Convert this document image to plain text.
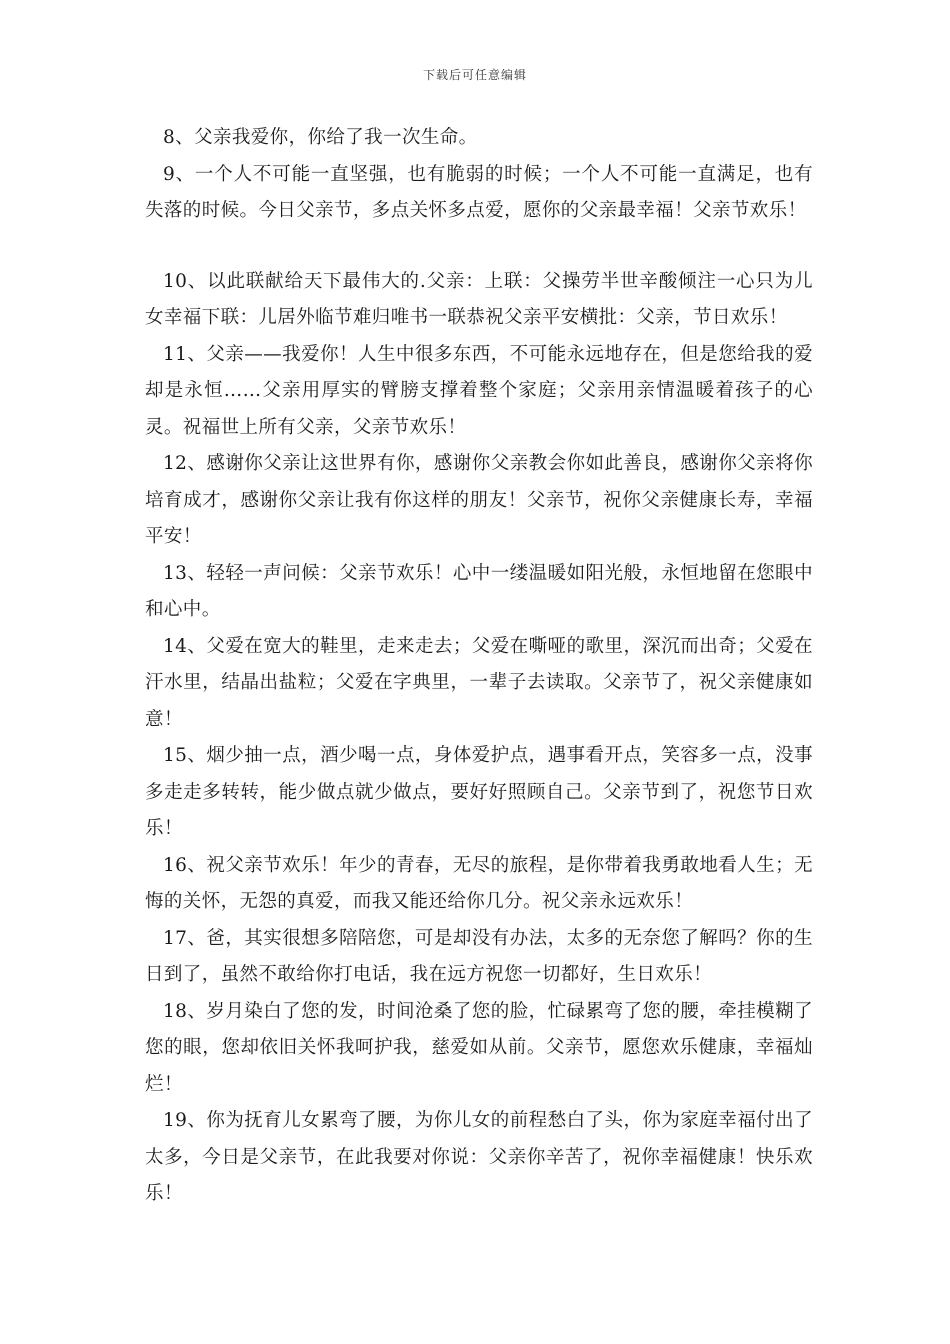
下载后可任意编辑

8、父亲我爱你，你给了我一次生命。

9、一个人不可能一直坚强，也有脆弱的时候；一个人不可能一直满足，也有失落的时候。今日父亲节，多点关怀多点爱，愿你的父亲最幸福！父亲节欢乐！

10、以此联献给天下最伟大的.父亲：上联：父操劳半世辛酸倾注一心只为儿女幸福下联：儿居外临节难归唯书一联恭祝父亲平安横批：父亲，节日欢乐！

11、父亲——我爱你！人生中很多东西，不可能永远地存在，但是您给我的爱却是永恒……父亲用厚实的臂膀支撑着整个家庭；父亲用亲情温暖着孩子的心灵。祝福世上所有父亲，父亲节欢乐！

12、感谢你父亲让这世界有你，感谢你父亲教会你如此善良，感谢你父亲将你培育成才，感谢你父亲让我有你这样的朋友！父亲节，祝你父亲健康长寿，幸福平安！

13、轻轻一声问候：父亲节欢乐！心中一缕温暖如阳光般，永恒地留在您眼中和心中。

14、父爱在宽大的鞋里，走来走去；父爱在嘶哑的歌里，深沉而出奇；父爱在汗水里，结晶出盐粒；父爱在字典里，一辈子去读取。父亲节了，祝父亲健康如意！

15、烟少抽一点，酒少喝一点，身体爱护点，遇事看开点，笑容多一点，没事多走走多转转，能少做点就少做点，要好好照顾自己。父亲节到了，祝您节日欢乐！

16、祝父亲节欢乐！年少的青春，无尽的旅程，是你带着我勇敢地看人生；无悔的关怀，无怨的真爱，而我又能还给你几分。祝父亲永远欢乐！

17、爸，其实很想多陪陪您，可是却没有办法，太多的无奈您了解吗？你的生日到了，虽然不敢给你打电话，我在远方祝您一切都好，生日欢乐！

18、岁月染白了您的发，时间沧桑了您的脸，忙碌累弯了您的腰，牵挂模糊了您的眼，您却依旧关怀我呵护我，慈爱如从前。父亲节，愿您欢乐健康，幸福灿烂！

19、你为抚育儿女累弯了腰，为你儿女的前程愁白了头，你为家庭幸福付出了太多，今日是父亲节，在此我要对你说：父亲你辛苦了，祝你幸福健康！快乐欢乐！
